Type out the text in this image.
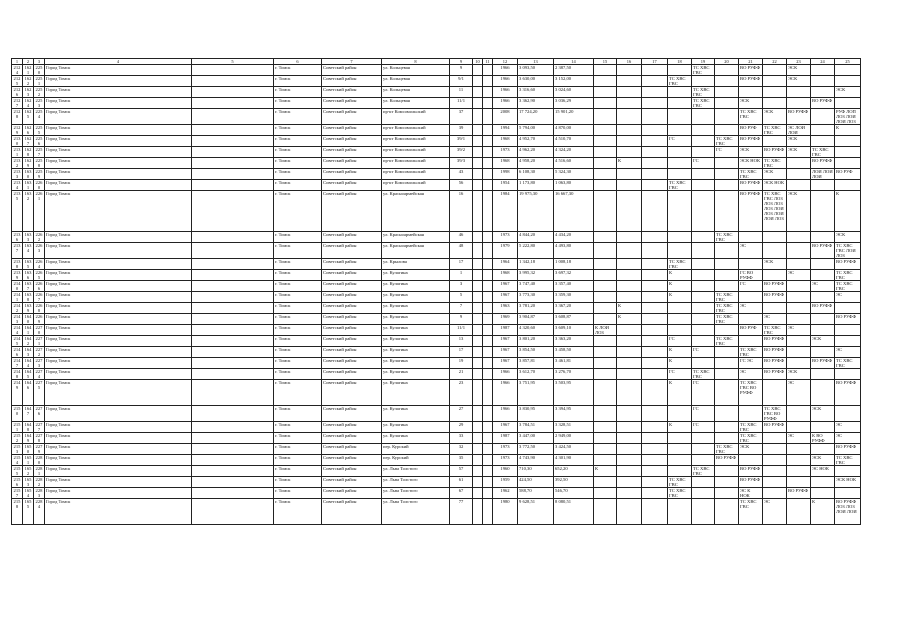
1	2	3	4	5	6	7	8	9	10	11	12	13	14	15	16	17	18	19	20	21	22	23	24	25
2124	1621	2250	Город Томск		г. Томск	Советский район	ул. Кольцевая	9			1966	3 093,50	2 387,50					ТС ХВС ГВС		ВО РУФФ		ЭСК		
2125	1622	2251	Город Томск		г. Томск	Советский район	ул. Кольцевая	9/1			1966	3 630,00	3 152,00				ТС ХВС ГВС			ВО РУФФ		ЭСК		
2126	1623	2252	Город Томск		г. Томск	Советский район	ул. Кольцевая	11			1966	3 316,60	3 024,60					ТС ХВС ГВС						ЭСК
2127	1624	2253	Город Томск		г. Томск	Советский район	ул. Кольцевая	11/1			1966	3 362,90	3 036,29					ТС ХВС ГВС		ЭСК			ВО РУФФ	
2128	1625	2254	Город Томск		г. Томск	Советский район	пр-кт Комсомольский	37			2008	17 724,20	15 901,20							ТС ХВС ГВС	ЭСК	ВО РУФФ		РУФ ЛОП ЛОЗ ЛОИ ЛОИ ЛОЗ
2129	1626	2255	Город Томск		г. Томск	Советский район	пр-кт Комсомольский	39			1994	5 794,00	4 870,00							ВО РУФ	ТС ХВС ГВС	ЭС ЛОИ ЛОИ		К
2130	1627	2256	Город Томск		г. Томск	Советский район	пр-кт Комсомольский	39/1			1968	4 952,70	4 510,70				ГС		ТС ХВС ГВС	ВО РУФФ		ЭСК		
2131	1628	2257	Город Томск		г. Томск	Советский район	пр-кт Комсомольский	39/2			1973	4 962,20	4 324,20						ГС	ЭСК	ВО РУФФ	ЭСК	ТС ХВС ГВС	
2132	1629	2258	Город Томск		г. Томск	Советский район	пр-кт Комсомольский	39/3			1968	4 958,20	4 516,60		К			ГС		ЭСК НОК	ТС ХВС ГВС		ВО РУФФ	
2133	1630	2259	Город Томск		г. Томск	Советский район	пр-кт Комсомольский	43			1998	6 108,30	5 324,30							ТС ХВС ГВС	ЭСК		ЛОИ ЛОИ ЛОИ	ВО РУФ
2134	1631	2260	Город Томск		г. Томск	Советский район	пр-кт Комсомольский	56			1954	1 173,80	1 063,80				ТС ХВС ГВС			ВО РУФФ	ЭСК НОК			
2135	1632	2261	Город Томск		г. Томск	Советский район	ул. Красноармейская	16			1984	19 975,30	16 667,30							ВО РУФФ	ТС ХВС ГВС ЛОЗ ЛОЗ ЛОЗ ЛОЗ ЛОИ ЛОЗ ЛОИ ЛОИ ЛОЗ	ЭСК		К
2136	1633	2262	Город Томск		г. Томск	Советский район	ул. Красноармейская	46			1973	4 844,20	4 434,20						ТС ХВС ГВС					ЭСК
2137	1634	2263	Город Томск		г. Томск	Советский район	ул. Красноармейская	48			1979	5 222,80	4 493,80							ЭС			ВО РУФФ	ТС ХВС ГВС ЛОИ ЛОЗ
2138	1635	2264	Город Томск		г. Томск	Советский район	ул. Крылова	17			1964	1 342,18	1 008,18				ТС ХВС ГВС				ЭСК			ВО РУФФ
2139	1636	2265	Город Томск		г. Томск	Советский район	ул. Кулагина	1			1968	3 995,32	3 697,32				К			ГС ВО РУФФ		ЭС		ТС ХВС ГВС
2140	1637	2266	Город Томск		г. Томск	Советский район	ул. Кулагина	3			1967	3 747,40	3 357,40				К			ГС	ВО РУФФ		ЭС	ТС ХВС ГВС
2141	1638	2267	Город Томск		г. Томск	Советский район	ул. Кулагина	5			1967	3 773,30	3 359,30				К		ТС ХВС ГВС		ВО РУФФ			ЭС
2142	1639	2268	Город Томск		г. Томск	Советский район	ул. Кулагина	7			1963	3 781,20	3 367,20		К				ТС ХВС ГВС	ЭС			ВО РУФФ	
2143	1640	2269	Город Томск		г. Томск	Советский район	ул. Кулагина	9			1969	3 904,87	3 608,87		К				ТС ХВС ГВС		ЭС			ВО РУФФ
2144	1641	2270	Город Томск		г. Томск	Советский район	ул. Кулагина	11/1			1987	4 320,60	3 609,10	К ЛОИ ЛОЗ						ВО РУФ	ТС ХВС ГВС	ЭС		
2145	1642	2271	Город Томск		г. Томск	Советский район	ул. Кулагина	13			1967	3 801,20	3 363,20				ГС		ТС ХВС ГВС		ВО РУФФ		ЭСК	
2146	1643	2272	Город Томск		г. Томск	Советский район	ул. Кулагина	17			1967	3 854,50	3 458,50				К	ГС		ТС ХВС ГВС	ВО РУФФ			ЭС
2147	1644	2273	Город Томск		г. Томск	Советский район	ул. Кулагина	19			1967	3 857,81	3 461,81				К			ГС ЭС	ВО РУФФ		ВО РУФФ	ТС ХВС ГВС
2148	1645	2274	Город Томск		г. Томск	Советский район	ул. Кулагина	21			1966	3 612,70	3 276,70				ГС	ТС ХВС ГВС		ЭС	ВО РУФФ	ЭСК		
2149	1646	2275	Город Томск		г. Томск	Советский район	ул. Кулагина	23			1966	3 751,95	3 503,95				К	ГС		ТС ХВС ГВС ВО РУФФ		ЭС		ВО РУФФ
2150	1647	2276	Город Томск		г. Томск	Советский район	ул. Кулагина	27			1966	3 830,95	3 394,95					ГС			ТС ХВС ГВС ВО РУФФ		ЭСК	
2151	1648	2277	Город Томск		г. Томск	Советский район	ул. Кулагина	29			1967	3 784,51	3 328,51				К	ГС		ТС ХВС ГВС	ВО РУФФ			ЭС
2152	1649	2278	Город Томск		г. Томск	Советский район	ул. Кулагина	33			1987	3 447,00	2 949,00							ТС ХВС ГВС		ЭС	К ВО РУФФ	ЭС
2153	1650	2279	Город Томск		г. Томск	Советский район	пер. Курский	32			1973	3 772,50	3 424,50						ТС ХВС ГВС	ЭСК				ВО РУФФ
2154	1651	2280	Город Томск		г. Томск	Советский район	пер. Курский	35			1973	4 743,90	4 301,90						ВО РУФФ				ЭСК	ТС ХВС ГВС
2155	1652	2281	Город Томск		г. Томск	Советский район	ул. Льва Толстого	57			1960	710,30	652,20	К				ТС ХВС ГВС		ВО РУФФ			ЭС НОК	
2156	1653	2282	Город Томск		г. Томск	Советский район	ул. Льва Толстого	61			1959	424,50	392,50				ТС ХВС ГВС			ВО РУФФ				ЭСК НОК
2157	1654	2283	Город Томск		г. Томск	Советский район	ул. Льва Толстого	67			1962	588,70	546,70				ТС ХВС ГВС			ЭС К НОК		ВО РУФФ		
2158	1655	2284	Город Томск		г. Томск	Советский район	ул. Льва Толстого	77			1980	9 628,51	8 080,51							ТС ХВС ГВС	ЭС		К	ВО РУФФ ЛОЗ ЛОЗ ЛОИ ЛОИ
